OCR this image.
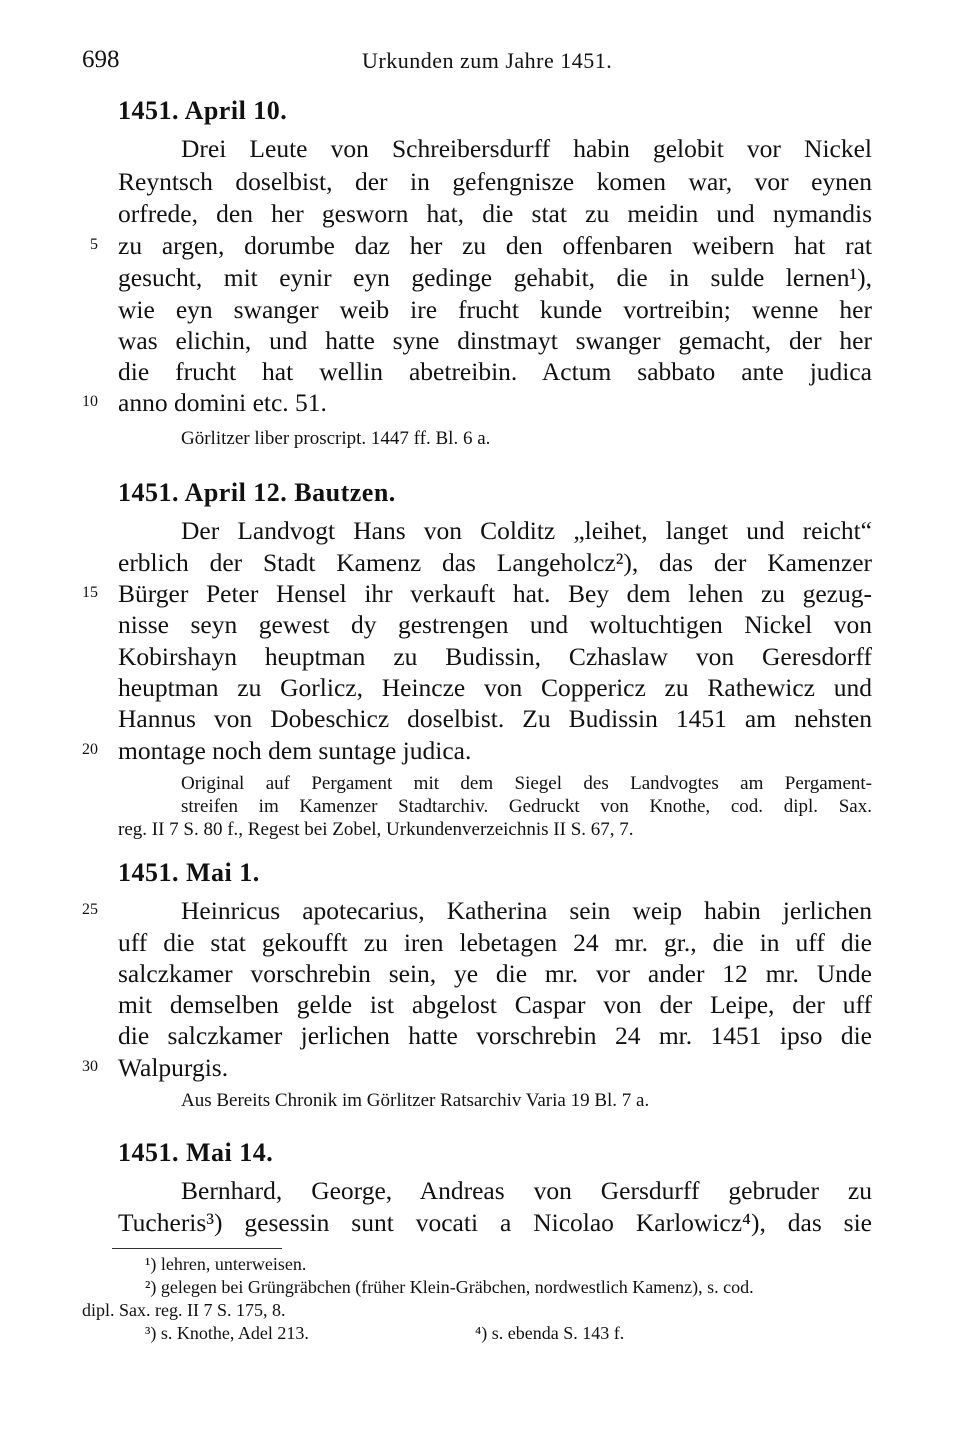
698	Urkunden zum Jahre 1451.
1451. April 10.
Drei Leute von Schreibersdurff habin gelobit vor Nickel
Reyntsch doselbist, der in gefengnisze komen war, vor eynen
orfrede, den her gesworn hat, die stat zu meidin und nymandis
zu argen, dorumbe daz her zu den offenbaren weibern hat rat
gesucht, mit eynir eyn gedinge gehabit, die in sulde lernen¹),
wie eyn swanger weib ire frucht kunde vortreibin; wenne her
was elichin, und hatte syne dinstmayt swanger gemacht, der her
die frucht hat wellin abetreibin. Actum sabbato ante judica
anno domini etc. 51.
Görlitzer liber proscript. 1447 ff. Bl. 6 a.
1451. April 12. Bautzen.
Der Landvogt Hans von Colditz „leihet, langet und reicht“
erblich der Stadt Kamenz das Langeholcz²), das der Kamenzer
Bürger Peter Hensel ihr verkauft hat. Bey dem lehen zu gezug-
nisse seyn gewest dy gestrengen und woltuchtigen Nickel von
Kobirshayn heuptman zu Budissin, Czhaslaw von Geresdorff
heuptman zu Gorlicz, Heincze von Coppericz zu Rathewicz und
Hannus von Dobeschicz doselbist. Zu Budissin 1451 am nehsten
montage noch dem suntage judica.
Original auf Pergament mit dem Siegel des Landvogtes am Pergament-
streifen im Kamenzer Stadtarchiv. Gedruckt von Knothe, cod. dipl. Sax.
reg. II 7 S. 80 f., Regest bei Zobel, Urkundenverzeichnis II S. 67, 7.
1451. Mai 1.
Heinricus apotecarius, Katherina sein weip habin jerlichen
uff die stat gekoufft zu iren lebetagen 24 mr. gr., die in uff die
salczkamer vorschrebin sein, ye die mr. vor ander 12 mr. Unde
mit demselben gelde ist abgelost Caspar von der Leipe, der uff
die salczkamer jerlichen hatte vorschrebin 24 mr. 1451 ipso die
Walpurgis.
Aus Bereits Chronik im Görlitzer Ratsarchiv Varia 19 Bl. 7 a.
1451. Mai 14.
Bernhard, George, Andreas von Gersdurff gebruder zu
Tucheris³) gesessin sunt vocati a Nicolao Karlowicz⁴), das sie
5
10
15
20
25
30
¹) lehren, unterweisen.
²) gelegen bei Grüngräbchen (früher Klein-Gräbchen, nordwestlich Kamenz), s. cod.
dipl. Sax. reg. II 7 S. 175, 8.
³) s. Knothe, Adel 213.	⁴) s. ebenda S. 143 f.
